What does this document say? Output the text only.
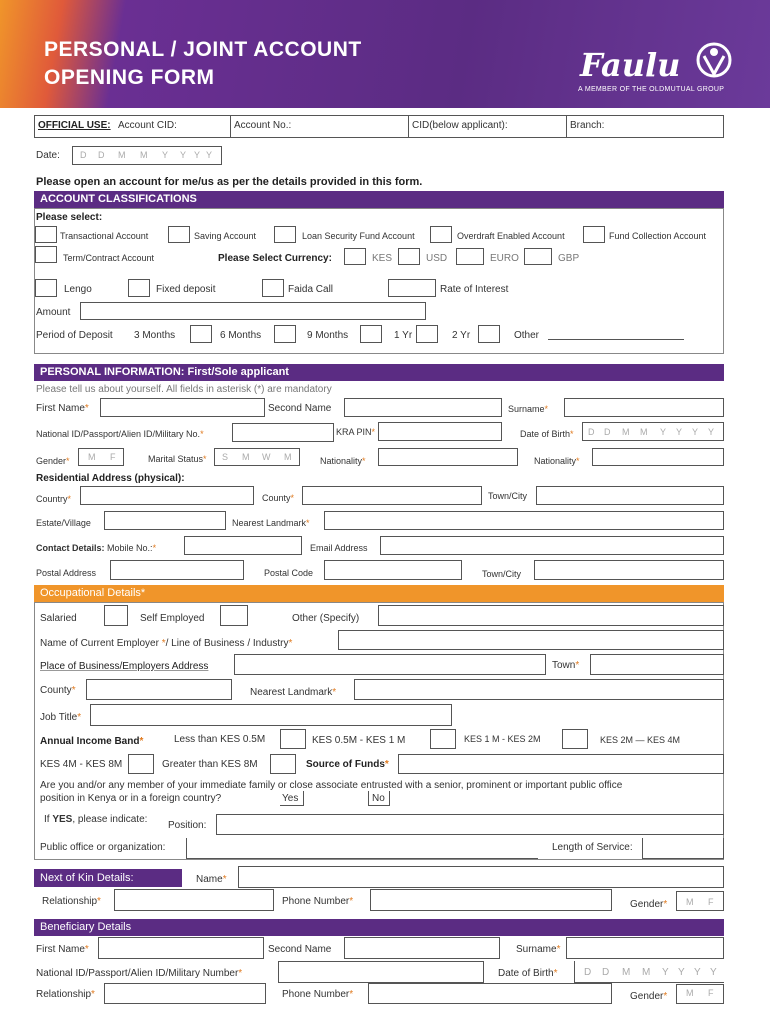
PERSONAL / JOINT ACCOUNT
OPENING FORM	Faulu
A MEMBER OF THE OLDMUTUAL GROUP
OFFICIAL USE: Account CID:	Account No.:	CID(below applicant):	Branch:
Date: D D M M Y Y Y Y
Please open an account for me/us as per the details provided in this form.
ACCOUNT CLASSIFICATIONS
Please select:
Transactional Account	Saving Account	Loan Security Fund Account	Overdraft Enabled Account	Fund Collection Account
Term/Contract Account	Please Select Currency:	KES	USD	EURO	GBP
Lengo	Fixed deposit	Faida Call	Rate of Interest
Amount
Period of Deposit 3 Months	6 Months	9 Months	1 Yr	2 Yr	Other
PERSONAL INFORMATION: First/Sole applicant
Please tell us about yourself. All fields in asterisk (*) are mandatory
First Name*	Second Name	Surname*
National ID/Passport/Alien ID/Military No.*	KRA PIN*	Date of Birth* D D M M Y Y Y Y
Gender* M F	Marital Status* S M W M	Nationality*	Nationality*
Residential Address (physical):
Country*	County*	Town/City
Estate/Village	Nearest Landmark*
Contact Details: Mobile No.:*	Email Address
Postal Address	Postal Code	Town/City
Occupational Details*
Salaried	Self Employed	Other (Specify)
Name of Current Employer */ Line of Business / Industry*
Place of Business/Employers Address	Town*
County*	Nearest Landmark*
Job Title*
Annual Income Band*	Less than KES 0.5M	KES 0.5M - KES 1 M	KES 1 M - KES 2M	KES 2M — KES 4M
KES 4M - KES 8M	Greater than KES 8M	Source of Funds*
Are you and/or any member of your immediate family or close associate entrusted with a senior, prominent or important public office
position in Kenya or in a foreign country?	Yes	No
If YES, please indicate:
Position:
Public office or organization:	Length of Service:
Next of Kin Details:	Name*
Relationship*	Phone Number*	Gender* M F
Beneficiary Details
First Name*	Second Name	Surname*
National ID/Passport/Alien ID/Military Number*	Date of Birth*	D D M M Y Y Y Y
Relationship*	Phone Number*	Gender* M F
